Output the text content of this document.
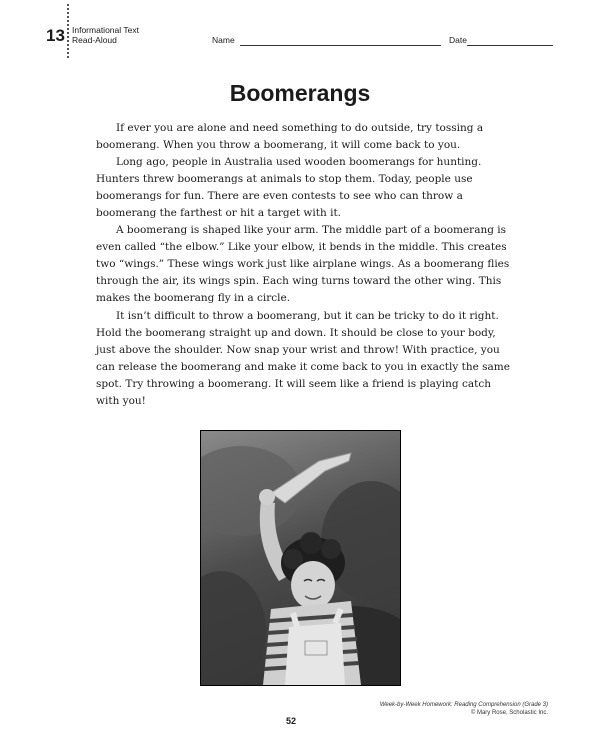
13 Informational Text
Read-Aloud	Name	Date
Boomerangs

If ever you are alone and need something to do outside, try tossing a boomerang. When you throw a boomerang, it will come back to you.

Long ago, people in Australia used wooden boomerangs for hunting. Hunters threw boomerangs at animals to stop them. Today, people use boomerangs for fun. There are even contests to see who can throw a boomerang the farthest or hit a target with it.

A boomerang is shaped like your arm. The middle part of a boomerang is even called “the elbow.” Like your elbow, it bends in the middle. This creates two “wings.” These wings work just like airplane wings. As a boomerang flies through the air, its wings spin. Each wing turns toward the other wing. This makes the boomerang fly in a circle.

It isn’t difficult to throw a boomerang, but it can be tricky to do it right. Hold the boomerang straight up and down. It should be close to your body, just above the shoulder. Now snap your wrist and throw! With practice, you can release the boomerang and make it come back to you in exactly the same spot. Try throwing a boomerang. It will seem like a friend is playing catch with you!

Week-by-Week Homework: Reading Comprehension (Grade 3)
© Mary Rose, Scholastic Inc.
52
